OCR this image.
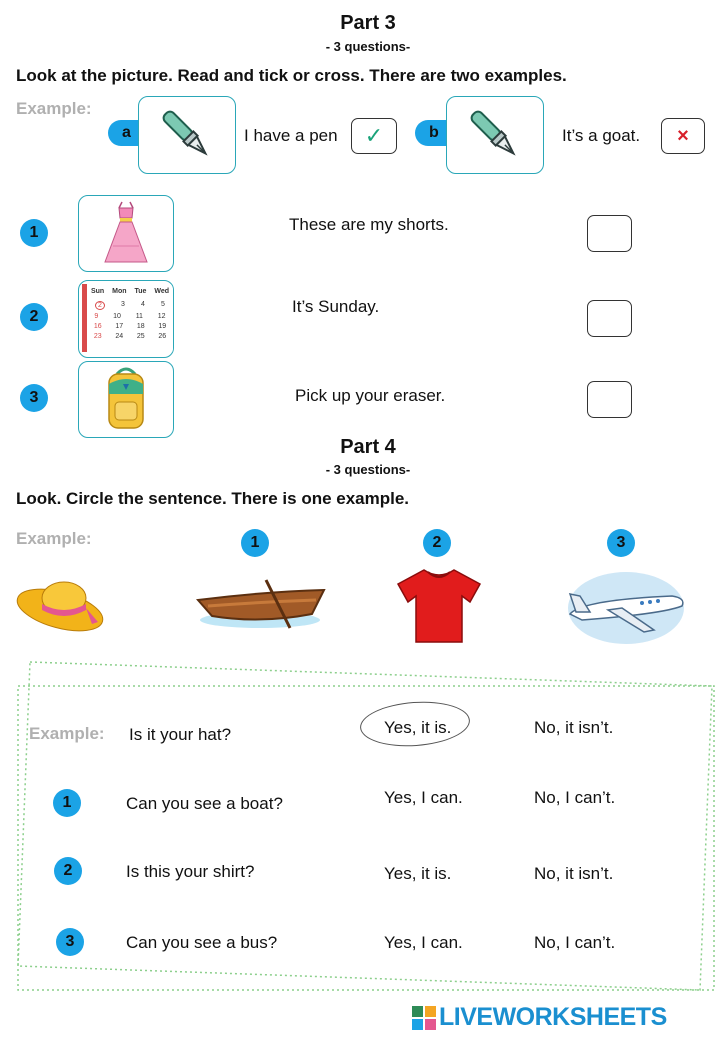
Part 3
- 3 questions-
Look at the picture. Read and tick or cross. There are two examples.
Example:
a	I have a pen	✓	b	It’s a goat.	×
1	These are my shorts.
2
Sun Mon Tue Wed
2	3 4 5
9 10 11 12
16 17 18 19
23 24 25 26
It’s Sunday.
3	Pick up your eraser.
Part 4
- 3 questions-
Look. Circle the sentence. There is one example.
Example:	1	2	3
Example: Is it your hat?	Yes, it is.	No, it isn’t.
1	Can you see a boat?	Yes, I can.	No, I can’t.
2	Is this your shirt?	Yes, it is.	No, it isn’t.
3	Can you see a bus?	Yes, I can.	No, I can’t.
LIVEWORKSHEETS
